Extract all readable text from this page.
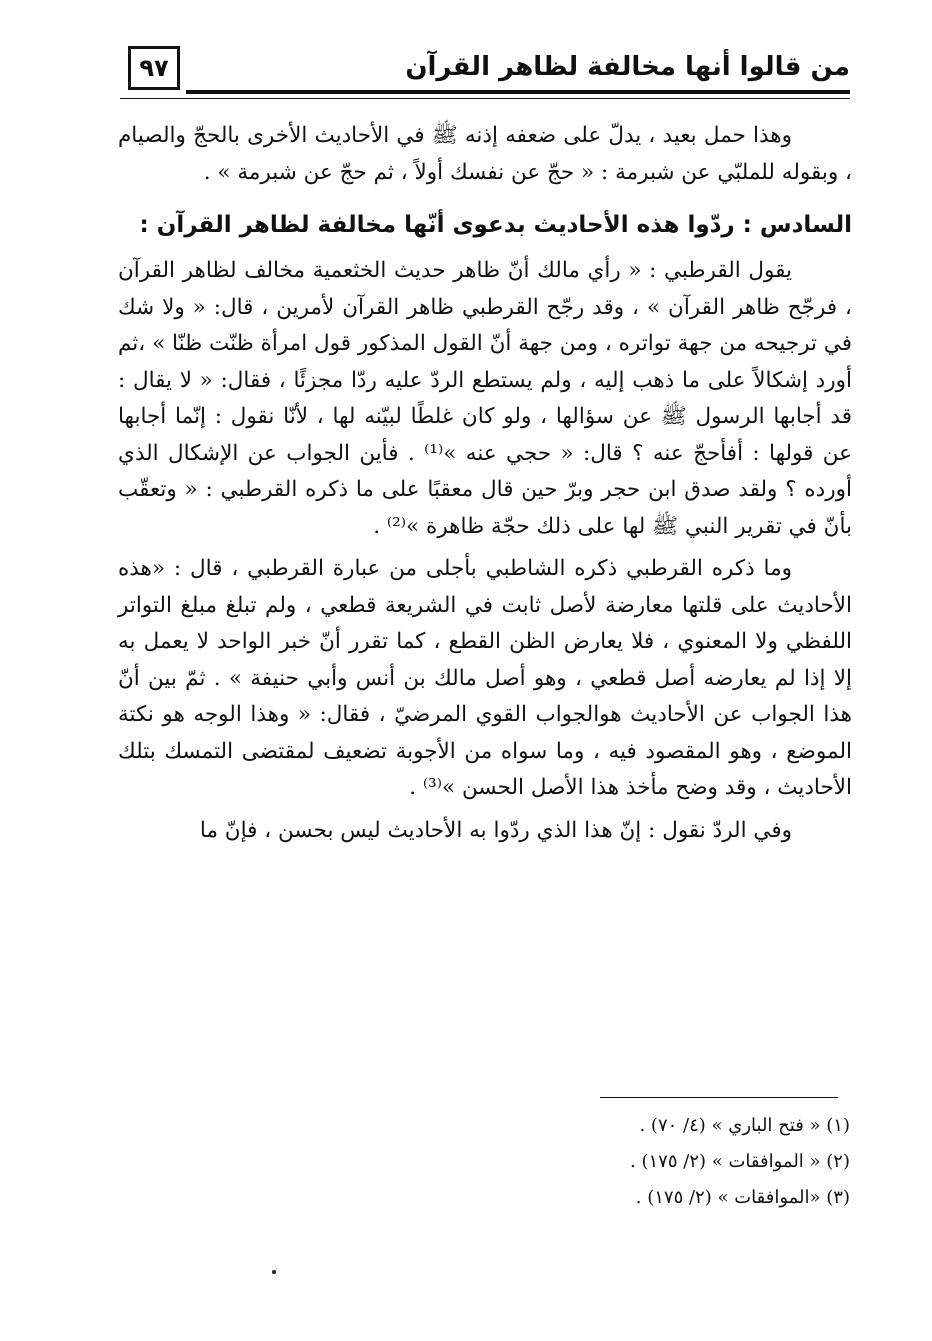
٩٧	من قالوا أنها مخالفة لظاهر القرآن

وهذا حمل بعيد ، يدلّ على ضعفه إذنه ﷺ في الأحاديث الأخرى بالحجّ والصيام ، وبقوله للملبّي عن شبرمة : « حجّ عن نفسك أولاً ، ثم حجّ عن شبرمة » .

السادس : ردّوا هذه الأحاديث بدعوى أنّها مخالفة لظاهر القرآن :

يقول القرطبي : « رأي مالك أنّ ظاهر حديث الخثعمية مخالف لظاهر القرآن ، فرجّح ظاهر القرآن » ، وقد رجّح القرطبي ظاهر القرآن لأمرين ، قال: « ولا شك في ترجيحه من جهة تواتره ، ومن جهة أنّ القول المذكور قول امرأة ظنّت ظنّا » ،ثم أورد إشكالاً على ما ذهب إليه ، ولم يستطع الردّ عليه ردّا مجزئًا ، فقال: « لا يقال : قد أجابها الرسول ﷺ عن سؤالها ، ولو كان غلطًا لبيّنه لها ، لأنّا نقول : إنّما أجابها عن قولها : أفأحجّ عنه ؟ قال: « حجي عنه »⁽¹⁾ . فأين الجواب عن الإشكال الذي أورده ؟ ولقد صدق ابن حجر وبرّ حين قال معقبًا على ما ذكره القرطبي : « وتعقّب بأنّ في تقرير النبي ﷺ لها على ذلك حجّة ظاهرة »⁽²⁾ .

وما ذكره القرطبي ذكره الشاطبي بأجلى من عبارة القرطبي ، قال : «هذه الأحاديث على قلتها معارضة لأصل ثابت في الشريعة قطعي ، ولم تبلغ مبلغ التواتر اللفظي ولا المعنوي ، فلا يعارض الظن القطع ، كما تقرر أنّ خبر الواحد لا يعمل به إلا إذا لم يعارضه أصل قطعي ، وهو أصل مالك بن أنس وأبي حنيفة » . ثمّ بين أنّ هذا الجواب عن الأحاديث هوالجواب القوي المرضيّ ، فقال: « وهذا الوجه هو نكتة الموضع ، وهو المقصود فيه ، وما سواه من الأجوبة تضعيف لمقتضى التمسك بتلك الأحاديث ، وقد وضح مأخذ هذا الأصل الحسن »⁽³⁾ .

وفي الردّ نقول : إنّ هذا الذي ردّوا به الأحاديث ليس بحسن ، فإنّ ما

(١) « فتح الباري » (٤/ ٧٠) .
(٢) « الموافقات » (٢/ ١٧٥) .
(٣) «الموافقات » (٢/ ١٧٥) .
